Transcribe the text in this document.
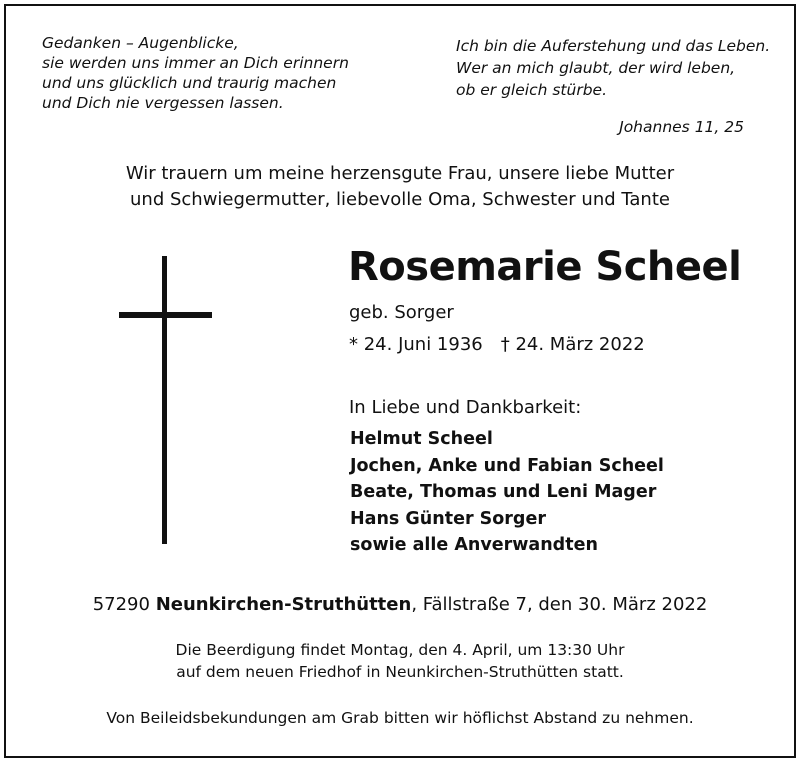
Gedanken – Augenblicke,
sie werden uns immer an Dich erinnern
und uns glücklich und traurig machen
und Dich nie vergessen lassen.
Ich bin die Auferstehung und das Leben.
Wer an mich glaubt, der wird leben,
ob er gleich stürbe.
Johannes 11, 25
Wir trauern um meine herzensgute Frau, unsere liebe Mutter
und Schwiegermutter, liebevolle Oma, Schwester und Tante
Rosemarie Scheel
geb. Sorger
* 24. Juni 1936 † 24. März 2022
In Liebe und Dankbarkeit:
Helmut Scheel
Jochen, Anke und Fabian Scheel
Beate, Thomas und Leni Mager
Hans Günter Sorger
sowie alle Anverwandten
57290 Neunkirchen-Struthütten, Fällstraße 7, den 30. März 2022
Die Beerdigung findet Montag, den 4. April, um 13:30 Uhr
auf dem neuen Friedhof in Neunkirchen-Struthütten statt.
Von Beileidsbekundungen am Grab bitten wir höflichst Abstand zu nehmen.
